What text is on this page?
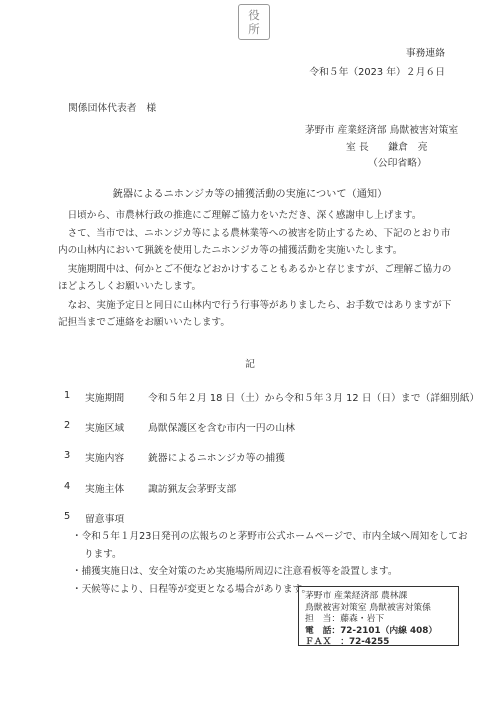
役
所
事務連絡
令和５年（2023 年）２月６日
関係団体代表者　様
茅野市 産業経済部 鳥獣被害対策室
室 長　　鎌倉　亮
（公印省略）
銃器によるニホンジカ等の捕獲活動の実施について（通知）
日頃から、市農林行政の推進にご理解ご協力をいただき、深く感謝申し上げます。
さて、当市では、ニホンジカ等による農林業等への被害を防止するため、下記のとおり市内の山林内において猟銃を使用したニホンジカ等の捕獲活動を実施いたします。
実施期間中は、何かとご不便などおかけすることもあるかと存じますが、ご理解ご協力のほどよろしくお願いいたします。
なお、実施予定日と同日に山林内で行う行事等がありましたら、お手数ではありますが下記担当までご連絡をお願いいたします。
記
1 実施期間 令和５年２月 18 日（土）から令和５年３月 12 日（日）まで（詳細別紙）
2 実施区域 鳥獣保護区を含む市内一円の山林
3 実施内容 銃器によるニホンジカ等の捕獲
4 実施主体 諏訪猟友会茅野支部
5 留意事項
・令和５年１月23日発刊の広報ちのと茅野市公式ホームページで、市内全域へ周知をしております。
・捕獲実施日は、安全対策のため実施場所周辺に注意看板等を設置します。
・天候等により、日程等が変更となる場合があります。
茅野市 産業経済部 農林課
鳥獣被害対策室 鳥獣被害対策係
担　当：藤森・岩下
電　話：72-2101（内線 408）
ＦＡＸ　：72-4255
